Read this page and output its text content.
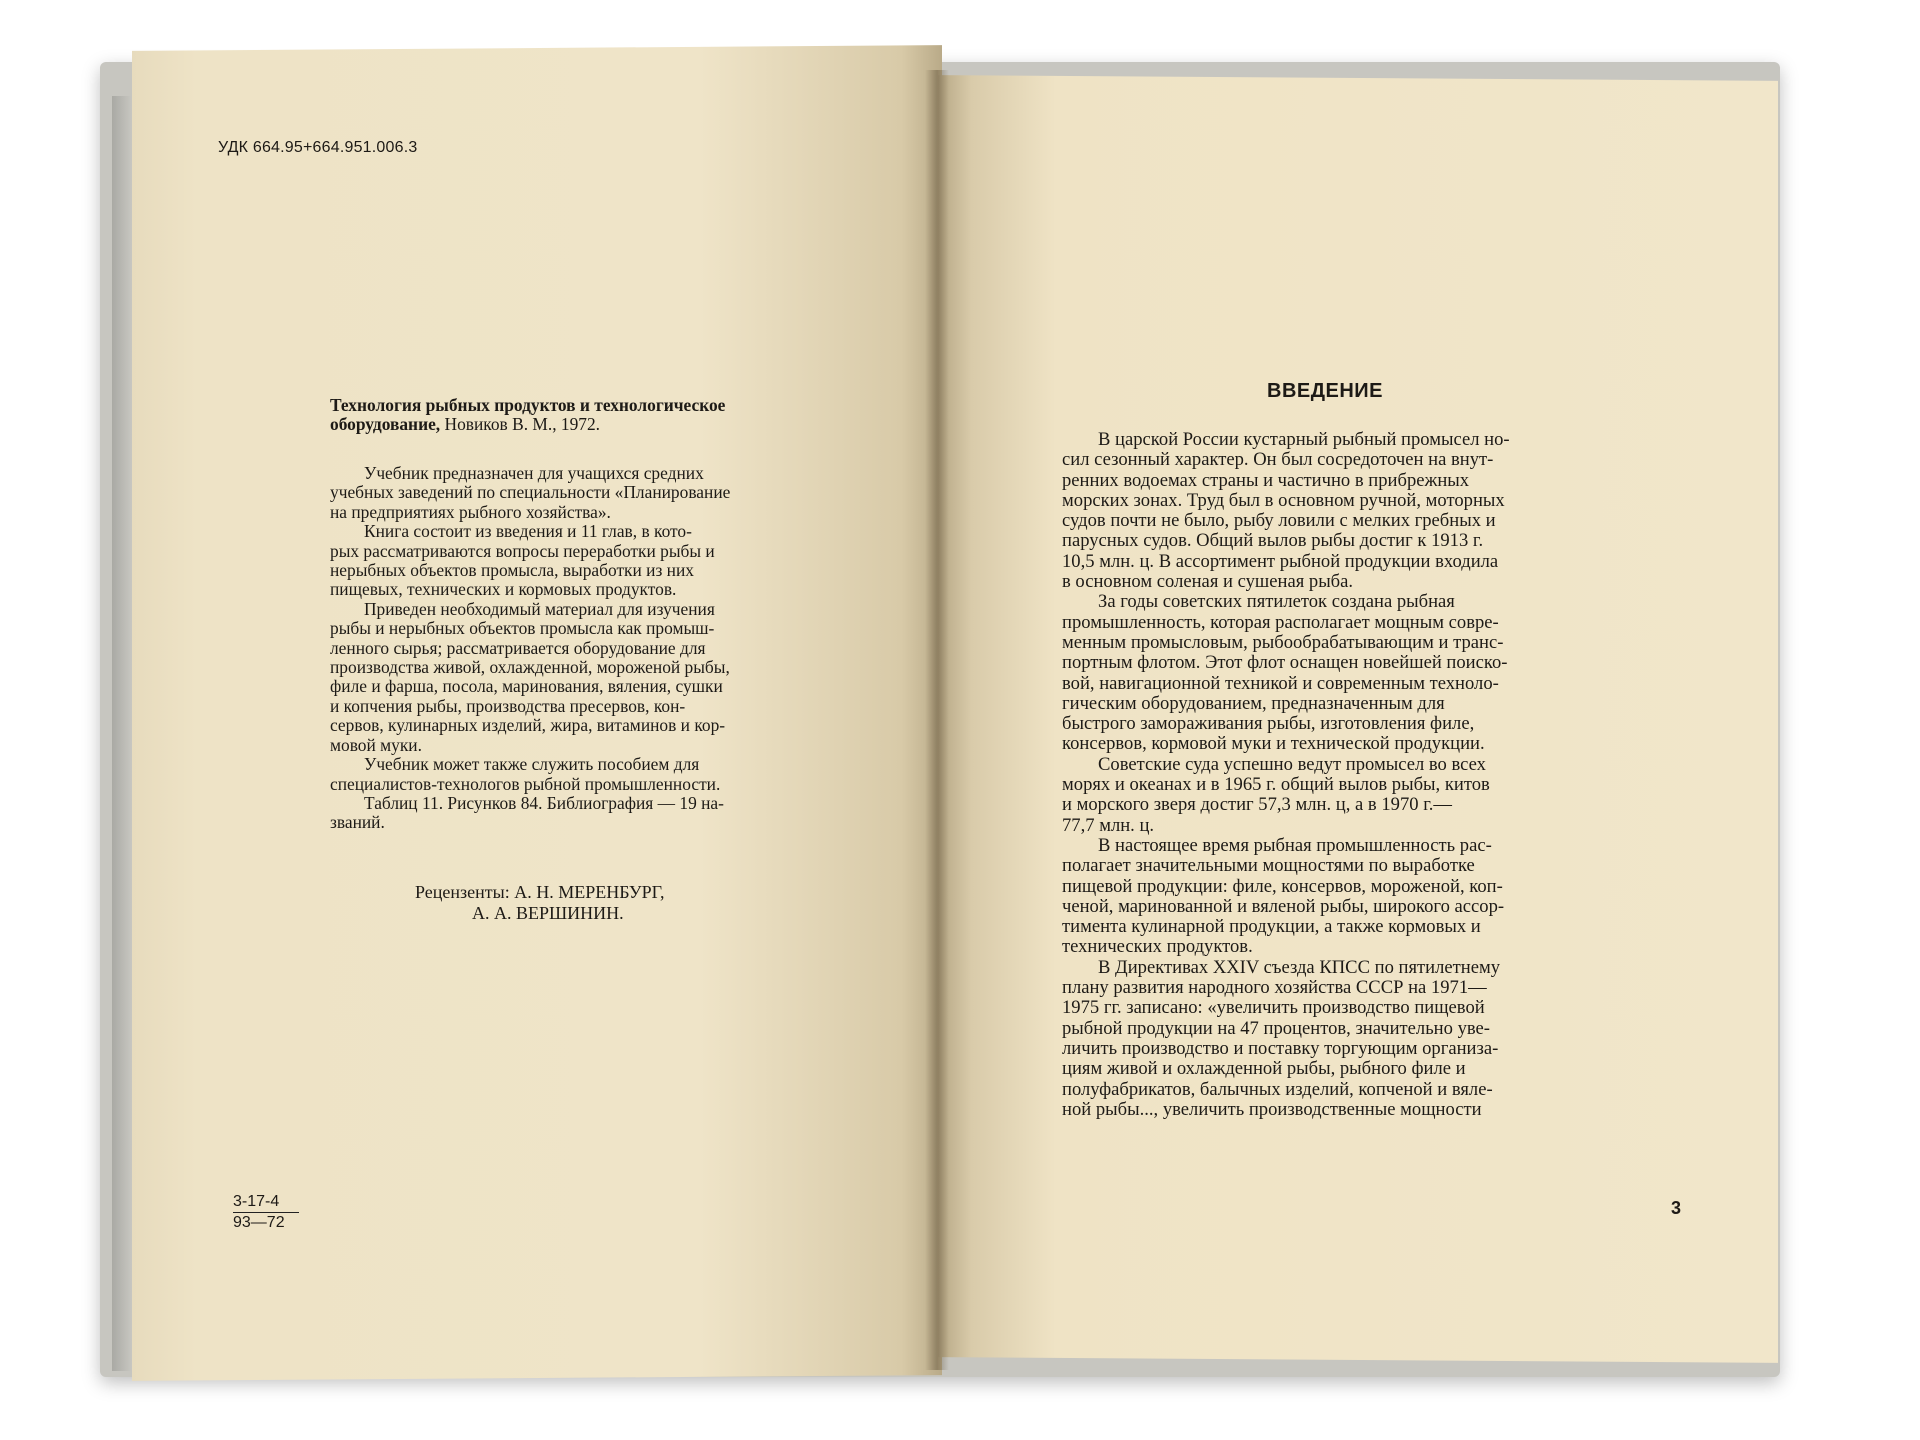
УДК 664.95+664.951.006.3
Технология рыбных продуктов и технологическое
оборудование, Новиков В. М., 1972.
Учебник предназначен для учащихся средних
учебных заведений по специальности «Планирование
на предприятиях рыбного хозяйства».
Книга состоит из введения и 11 глав, в кото-
рых рассматриваются вопросы переработки рыбы и
нерыбных объектов промысла, выработки из них
пищевых, технических и кормовых продуктов.
Приведен необходимый материал для изучения
рыбы и нерыбных объектов промысла как промыш-
ленного сырья; рассматривается оборудование для
производства живой, охлажденной, мороженой рыбы,
филе и фарша, посола, маринования, вяления, сушки
и копчения рыбы, производства пресервов, кон-
сервов, кулинарных изделий, жира, витаминов и кор-
мовой муки.
Учебник может также служить пособием для
специалистов-технологов рыбной промышленности.
Таблиц 11. Рисунков 84. Библиография — 19 на-
званий.
Рецензенты: А. Н. МЕРЕНБУРГ,
А. А. ВЕРШИНИН.
3-17-4
93—72
ВВЕДЕНИЕ
В царской России кустарный рыбный промысел но-
сил сезонный характер. Он был сосредоточен на внут-
ренних водоемах страны и частично в прибрежных
морских зонах. Труд был в основном ручной, моторных
судов почти не было, рыбу ловили с мелких гребных и
парусных судов. Общий вылов рыбы достиг к 1913 г.
10,5 млн. ц. В ассортимент рыбной продукции входила
в основном соленая и сушеная рыба.
За годы советских пятилеток создана рыбная
промышленность, которая располагает мощным совре-
менным промысловым, рыбообрабатывающим и транс-
портным флотом. Этот флот оснащен новейшей поиско-
вой, навигационной техникой и современным техноло-
гическим оборудованием, предназначенным для
быстрого замораживания рыбы, изготовления филе,
консервов, кормовой муки и технической продукции.
Советские суда успешно ведут промысел во всех
морях и океанах и в 1965 г. общий вылов рыбы, китов
и морского зверя достиг 57,3 млн. ц, а в 1970 г.—
77,7 млн. ц.
В настоящее время рыбная промышленность рас-
полагает значительными мощностями по выработке
пищевой продукции: филе, консервов, мороженой, коп-
ченой, маринованной и вяленой рыбы, широкого ассор-
тимента кулинарной продукции, а также кормовых и
технических продуктов.
В Директивах XXIV съезда КПСС по пятилетнему
плану развития народного хозяйства СССР на 1971—
1975 гг. записано: «увеличить производство пищевой
рыбной продукции на 47 процентов, значительно уве-
личить производство и поставку торгующим организа-
циям живой и охлажденной рыбы, рыбного филе и
полуфабрикатов, балычных изделий, копченой и вяле-
ной рыбы..., увеличить производственные мощности
3
